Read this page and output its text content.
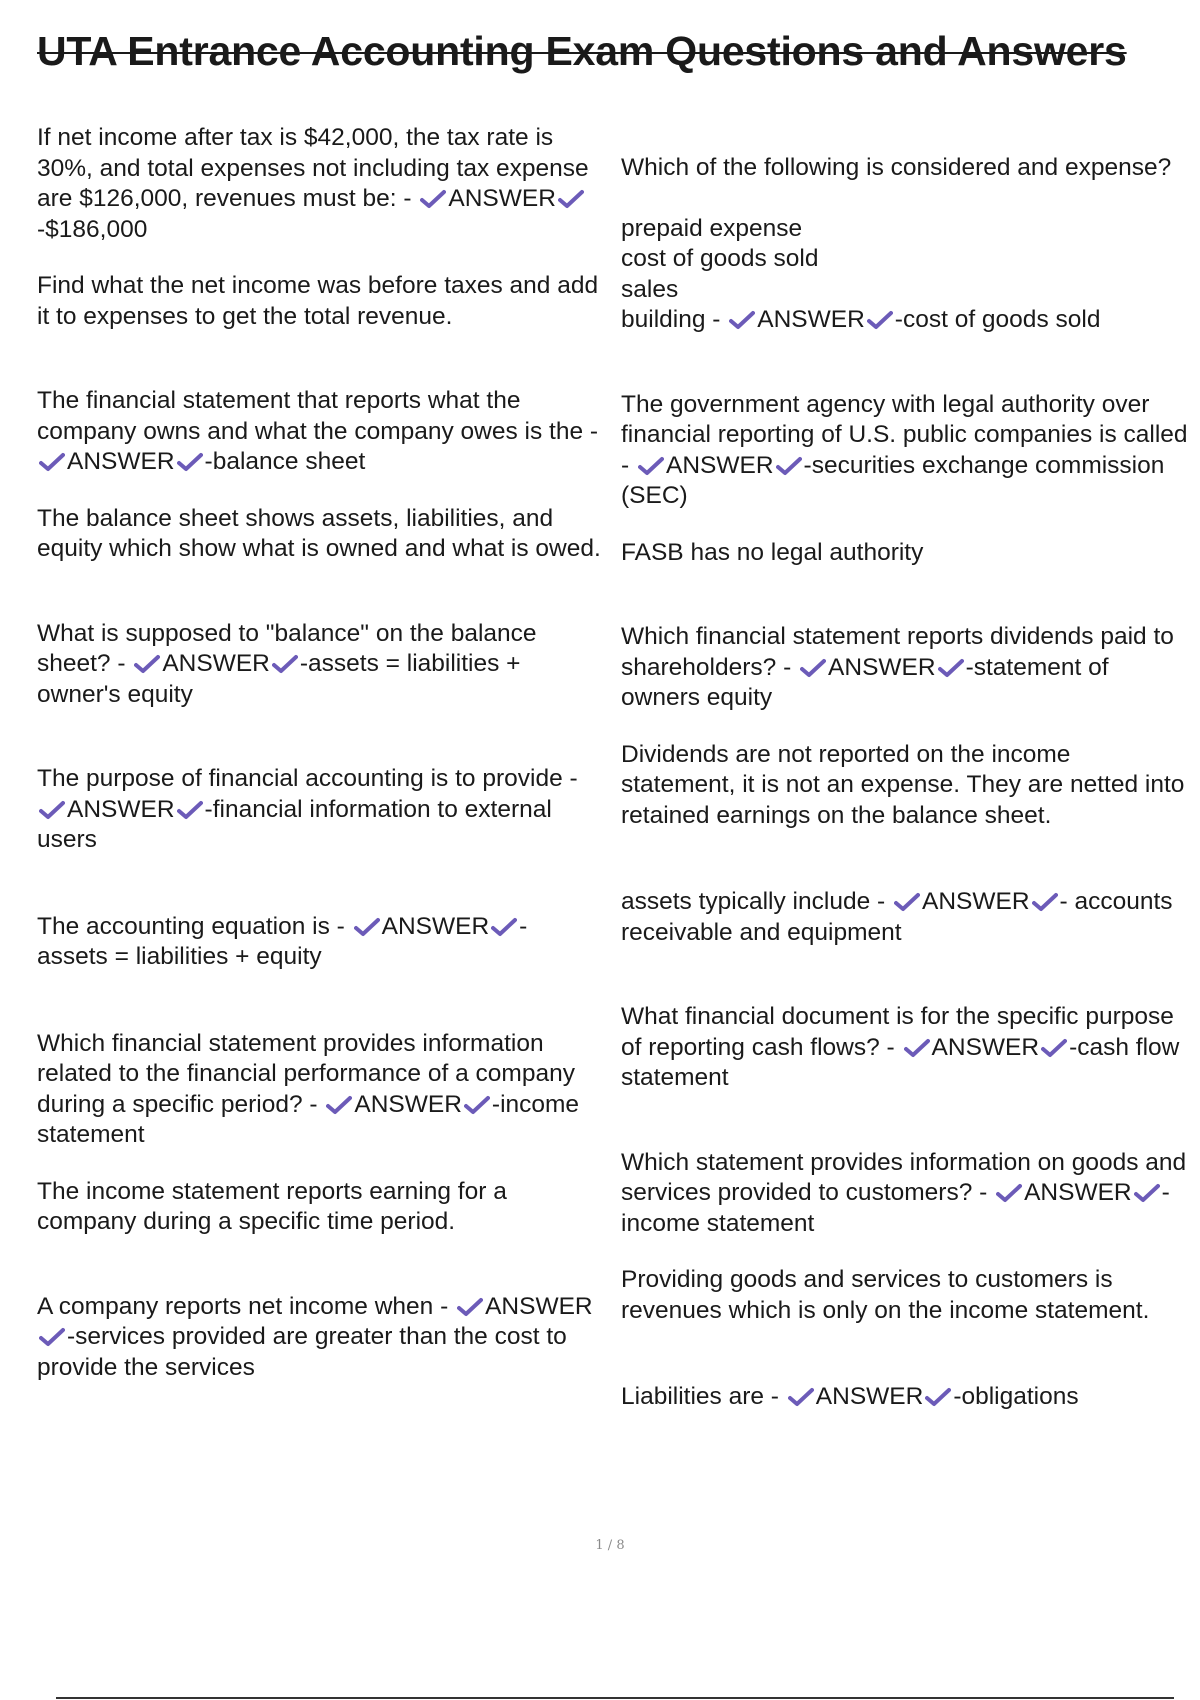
UTA Entrance Accounting Exam Questions and Answers

If net income after tax is $42,000, the tax rate is 30%, and total expenses not including tax expense are $126,000, revenues must be: - ANSWER
-$186,000

Find what the net income was before taxes and add it to expenses to get the total revenue.

The financial statement that reports what the company owns and what the company owes is the -
ANSWER -balance sheet

The balance sheet shows assets, liabilities, and equity which show what is owned and what is owed.

What is supposed to "balance" on the balance sheet? - ANSWER -assets = liabilities + owner's equity

The purpose of financial accounting is to provide -
ANSWER -financial information to external users

The accounting equation is - ANSWER - assets = liabilities + equity

Which financial statement provides information related to the financial performance of a company during a specific period? - ANSWER -income statement

The income statement reports earning for a company during a specific time period.

A company reports net income when - ANSWER
-services provided are greater than the cost to provide the services

Which of the following is considered and expense?

prepaid expense

cost of goods sold

sales

building - ANSWER -cost of goods sold

The government agency with legal authority over financial reporting of U.S. public companies is called - ANSWER -securities exchange commission (SEC)

FASB has no legal authority

Which financial statement reports dividends paid to shareholders? - ANSWER -statement of owners equity

Dividends are not reported on the income statement, it is not an expense. They are netted into retained earnings on the balance sheet.

assets typically include - ANSWER - accounts receivable and equipment

What financial document is for the specific purpose of reporting cash flows? - ANSWER -cash flow statement

Which statement provides information on goods and services provided to customers? - ANSWER -income statement

Providing goods and services to customers is revenues which is only on the income statement.

Liabilities are - ANSWER -obligations

1 / 8
